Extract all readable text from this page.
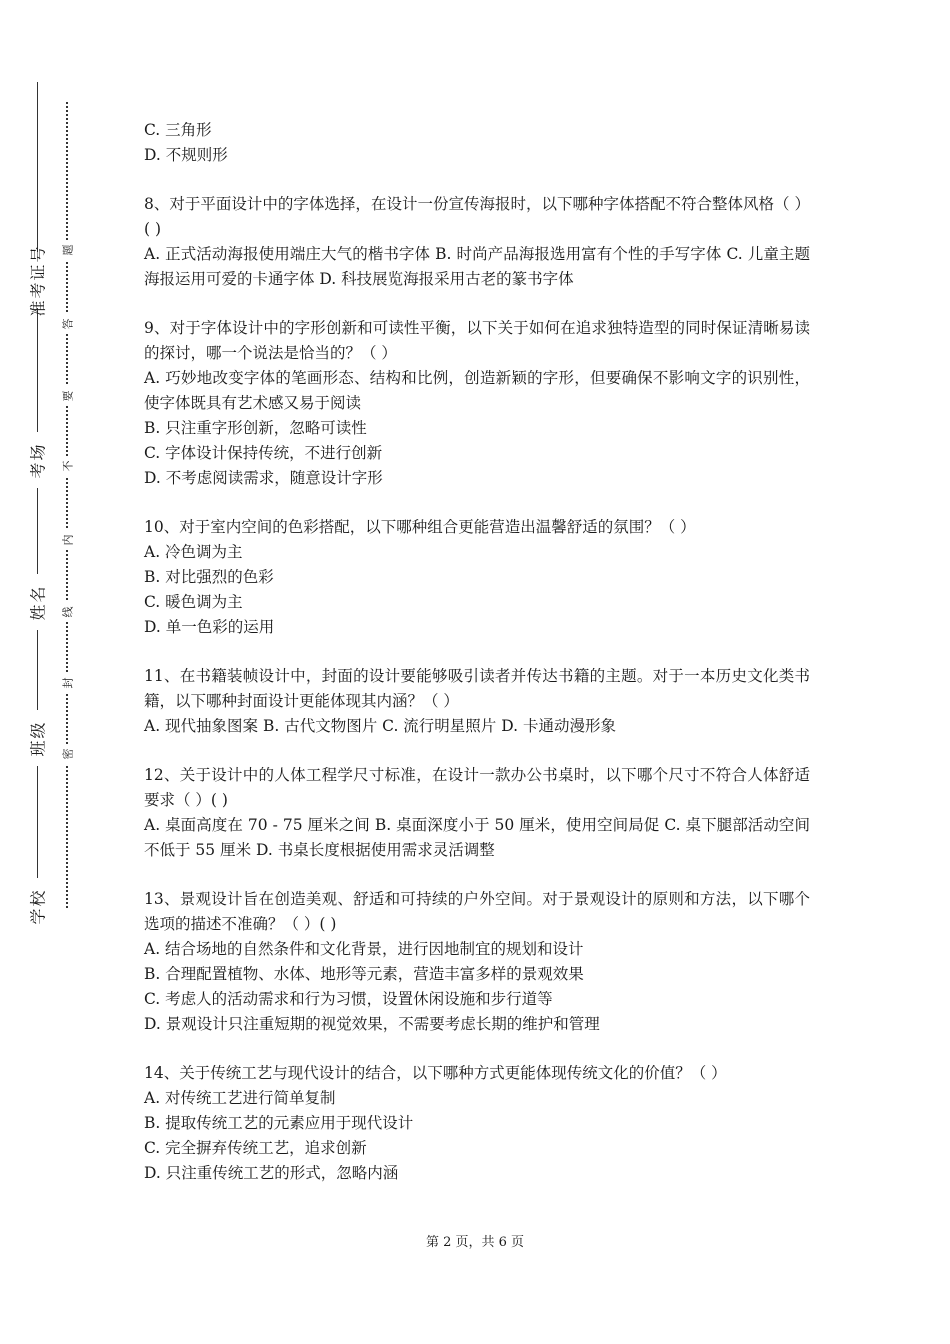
准考证号
考场
姓名
班级
学校
题
答
要
不
内
线
封
密

C. 三角形

D. 不规则形

8、对于平面设计中的字体选择，在设计一份宣传海报时，以下哪种字体搭配不符合整体风格（ ）( )

A. 正式活动海报使用端庄大气的楷书字体 B. 时尚产品海报选用富有个性的手写字体 C. 儿童主题海报运用可爱的卡通字体 D. 科技展览海报采用古老的篆书字体

9、对于字体设计中的字形创新和可读性平衡，以下关于如何在追求独特造型的同时保证清晰易读的探讨，哪一个说法是恰当的？（ ）

A. 巧妙地改变字体的笔画形态、结构和比例，创造新颖的字形，但要确保不影响文字的识别性，使字体既具有艺术感又易于阅读

B. 只注重字形创新，忽略可读性

C. 字体设计保持传统，不进行创新

D. 不考虑阅读需求，随意设计字形

10、对于室内空间的色彩搭配，以下哪种组合更能营造出温馨舒适的氛围？（ ）

A. 冷色调为主

B. 对比强烈的色彩

C. 暖色调为主

D. 单一色彩的运用

11、在书籍装帧设计中，封面的设计要能够吸引读者并传达书籍的主题。对于一本历史文化类书籍，以下哪种封面设计更能体现其内涵？（ ）

A. 现代抽象图案 B. 古代文物图片 C. 流行明星照片 D. 卡通动漫形象

12、关于设计中的人体工程学尺寸标准，在设计一款办公书桌时，以下哪个尺寸不符合人体舒适要求（ ）( )

A. 桌面高度在 70 - 75 厘米之间 B. 桌面深度小于 50 厘米，使用空间局促 C. 桌下腿部活动空间不低于 55 厘米 D. 书桌长度根据使用需求灵活调整

13、景观设计旨在创造美观、舒适和可持续的户外空间。对于景观设计的原则和方法，以下哪个选项的描述不准确？（ ）( )

A. 结合场地的自然条件和文化背景，进行因地制宜的规划和设计

B. 合理配置植物、水体、地形等元素，营造丰富多样的景观效果

C. 考虑人的活动需求和行为习惯，设置休闲设施和步行道等

D. 景观设计只注重短期的视觉效果，不需要考虑长期的维护和管理

14、关于传统工艺与现代设计的结合，以下哪种方式更能体现传统文化的价值？（ ）

A. 对传统工艺进行简单复制

B. 提取传统工艺的元素应用于现代设计

C. 完全摒弃传统工艺，追求创新

D. 只注重传统工艺的形式，忽略内涵

第 2 页，共 6 页
